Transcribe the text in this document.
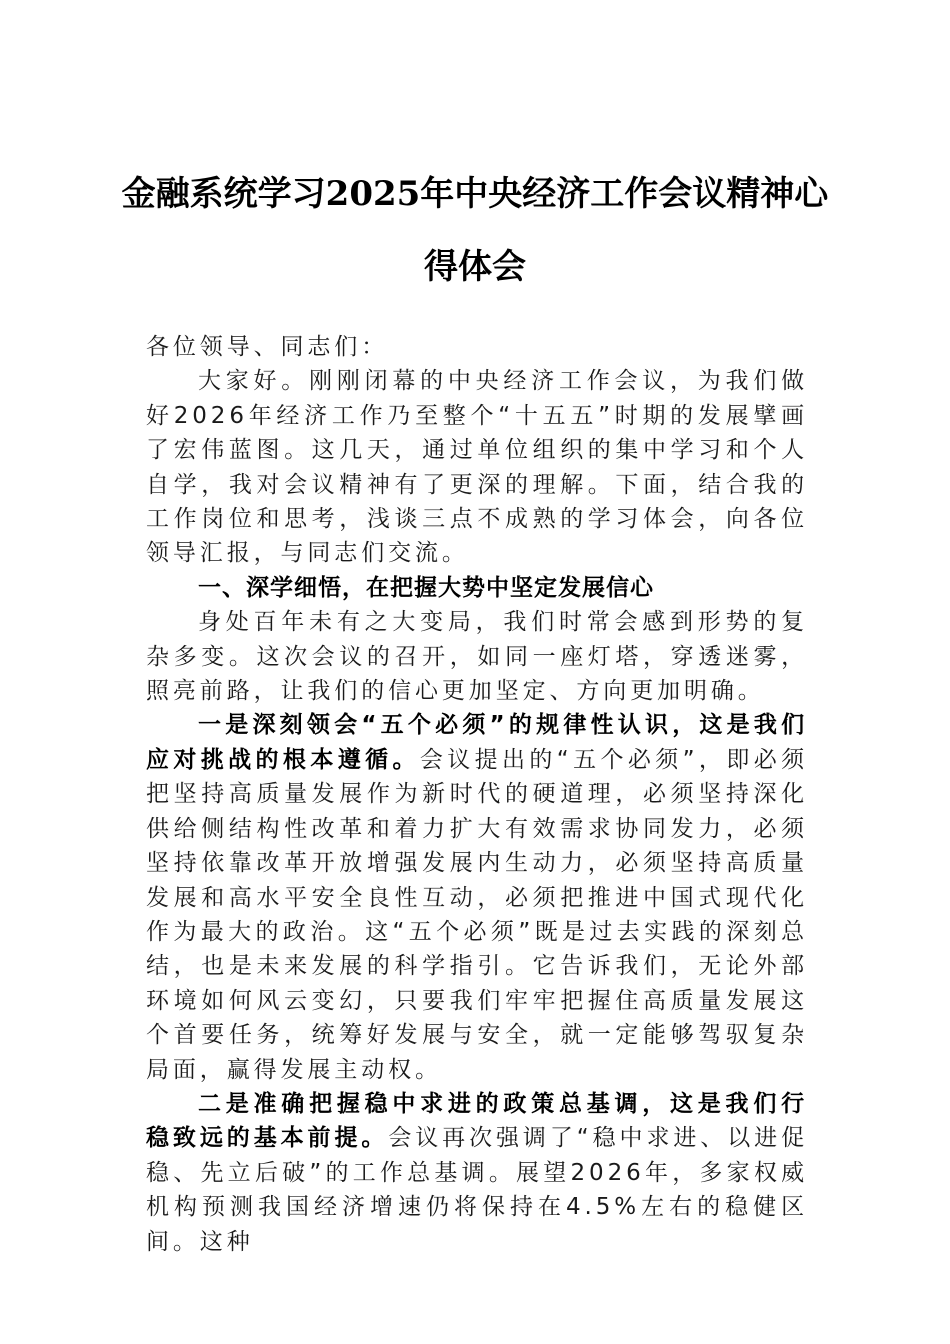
金融系统学习2025年中央经济工作会议精神心得体会

各位领导、同志们：

大家好。刚刚闭幕的中央经济工作会议，为我们做好2026年经济工作乃至整个“十五五”时期的发展擘画了宏伟蓝图。这几天，通过单位组织的集中学习和个人自学，我对会议精神有了更深的理解。下面，结合我的工作岗位和思考，浅谈三点不成熟的学习体会，向各位领导汇报，与同志们交流。

一、深学细悟，在把握大势中坚定发展信心

身处百年未有之大变局，我们时常会感到形势的复杂多变。这次会议的召开，如同一座灯塔，穿透迷雾，照亮前路，让我们的信心更加坚定、方向更加明确。

一是深刻领会“五个必须”的规律性认识，这是我们应对挑战的根本遵循。会议提出的“五个必须”，即必须把坚持高质量发展作为新时代的硬道理，必须坚持深化供给侧结构性改革和着力扩大有效需求协同发力，必须坚持依靠改革开放增强发展内生动力，必须坚持高质量发展和高水平安全良性互动，必须把推进中国式现代化作为最大的政治。这“五个必须”既是过去实践的深刻总结，也是未来发展的科学指引。它告诉我们，无论外部环境如何风云变幻，只要我们牢牢把握住高质量发展这个首要任务，统筹好发展与安全，就一定能够驾驭复杂局面，赢得发展主动权。

二是准确把握稳中求进的政策总基调，这是我们行稳致远的基本前提。会议再次强调了“稳中求进、以进促稳、先立后破”的工作总基调。展望2026年，多家权威机构预测我国经济增速仍将保持在4.5%左右的稳健区间。这种
